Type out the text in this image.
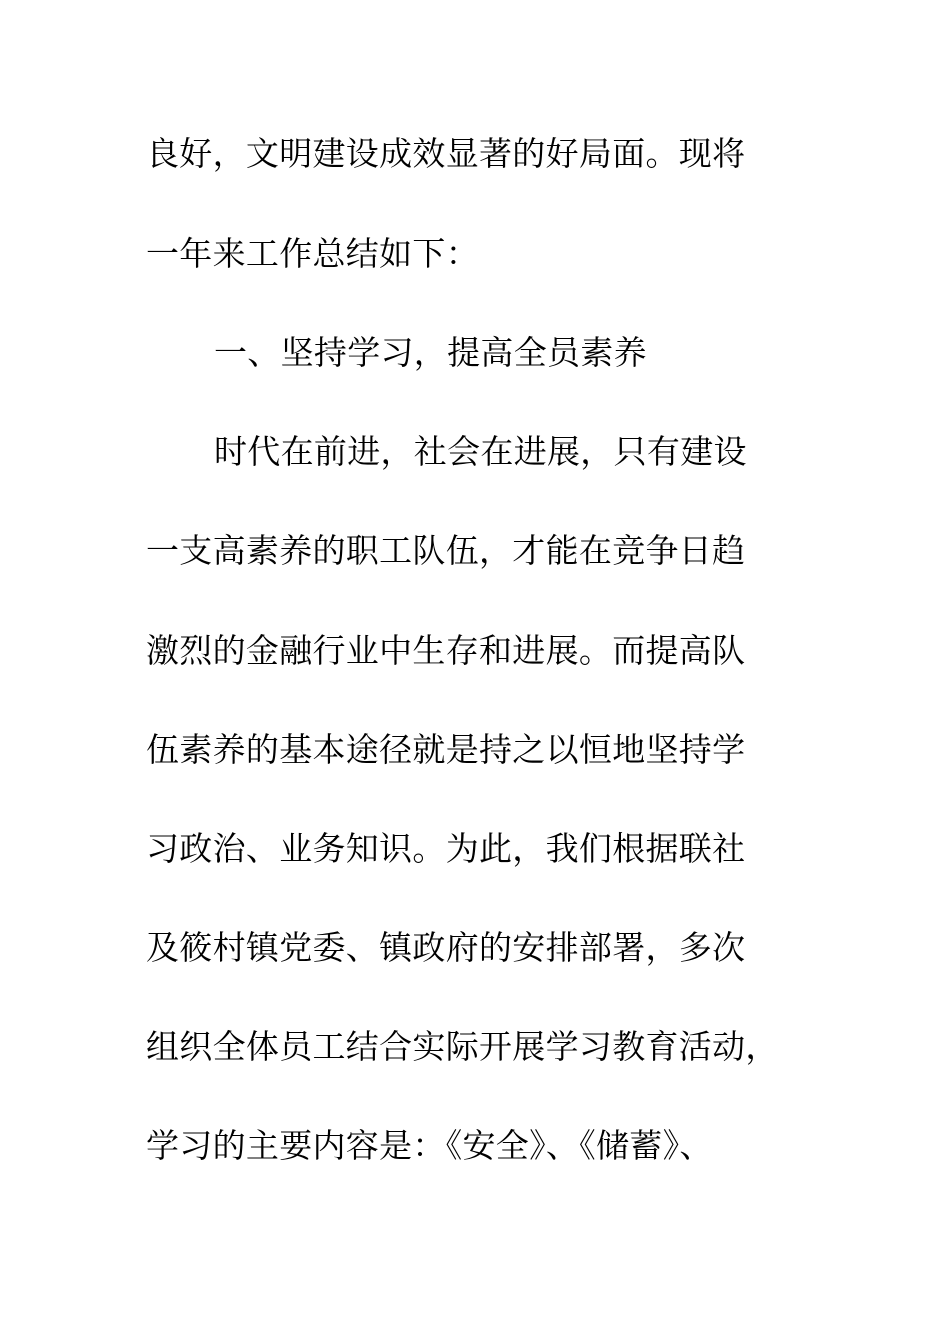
良好，文明建设成效显著的好局面。现将
一年来工作总结如下：
一、坚持学习，提高全员素养
时代在前进，社会在进展，只有建设
一支高素养的职工队伍，才能在竞争日趋
激烈的金融行业中生存和进展。而提高队
伍素养的基本途径就是持之以恒地坚持学
习政治、业务知识。为此，我们根据联社
及筱村镇党委、镇政府的安排部署，多次
组织全体员工结合实际开展学习教育活动，
学习的主要内容是：《安全》、《储蓄》、
